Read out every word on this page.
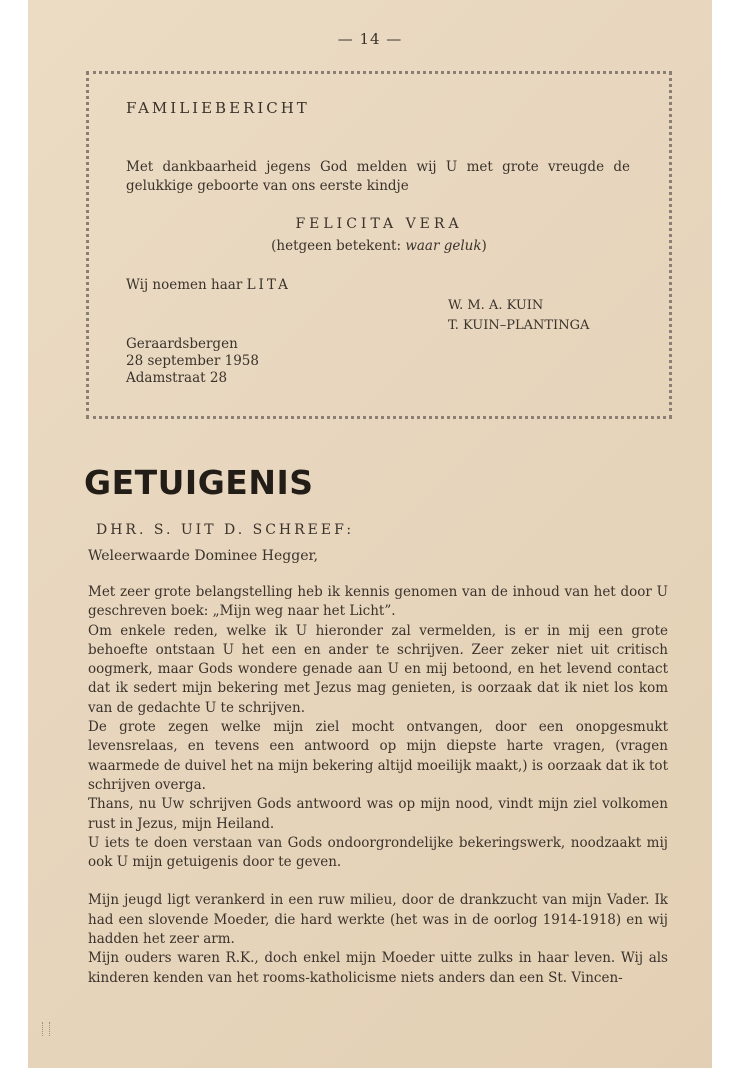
— 14 —
FAMILIEBERICHT
Met dankbaarheid jegens God melden wij U met grote vreugde de gelukkige geboorte van ons eerste kindje
FELICITA VERA
(hetgeen betekent: waar geluk)
Wij noemen haar LITA
W. M. A. KUIN
T. KUIN–PLANTINGA
Geraardsbergen
28 september 1958
Adamstraat 28
GETUIGENIS
DHR. S. UIT D. SCHREEF:
Weleerwaarde Dominee Hegger,

Met zeer grote belangstelling heb ik kennis genomen van de inhoud van het door U geschreven boek: „Mijn weg naar het Licht”.

Om enkele reden, welke ik U hieronder zal vermelden, is er in mij een grote behoefte ontstaan U het een en ander te schrijven. Zeer zeker niet uit critisch oogmerk, maar Gods wondere genade aan U en mij betoond, en het levend contact dat ik sedert mijn bekering met Jezus mag genieten, is oorzaak dat ik niet los kom van de gedachte U te schrijven.

De grote zegen welke mijn ziel mocht ontvangen, door een onopgesmukt levensrelaas, en tevens een antwoord op mijn diepste harte vragen, (vragen waarmede de duivel het na mijn bekering altijd moeilijk maakt,) is oorzaak dat ik tot schrijven overga.

Thans, nu Uw schrijven Gods antwoord was op mijn nood, vindt mijn ziel volkomen rust in Jezus, mijn Heiland.

U iets te doen verstaan van Gods ondoorgrondelijke bekeringswerk, noodzaakt mij ook U mijn getuigenis door te geven.

Mijn jeugd ligt verankerd in een ruw milieu, door de drankzucht van mijn Vader. Ik had een slovende Moeder, die hard werkte (het was in de oorlog 1914-1918) en wij hadden het zeer arm.

Mijn ouders waren R.K., doch enkel mijn Moeder uitte zulks in haar leven. Wij als kinderen kenden van het rooms-katholicisme niets anders dan een St. Vincen-
